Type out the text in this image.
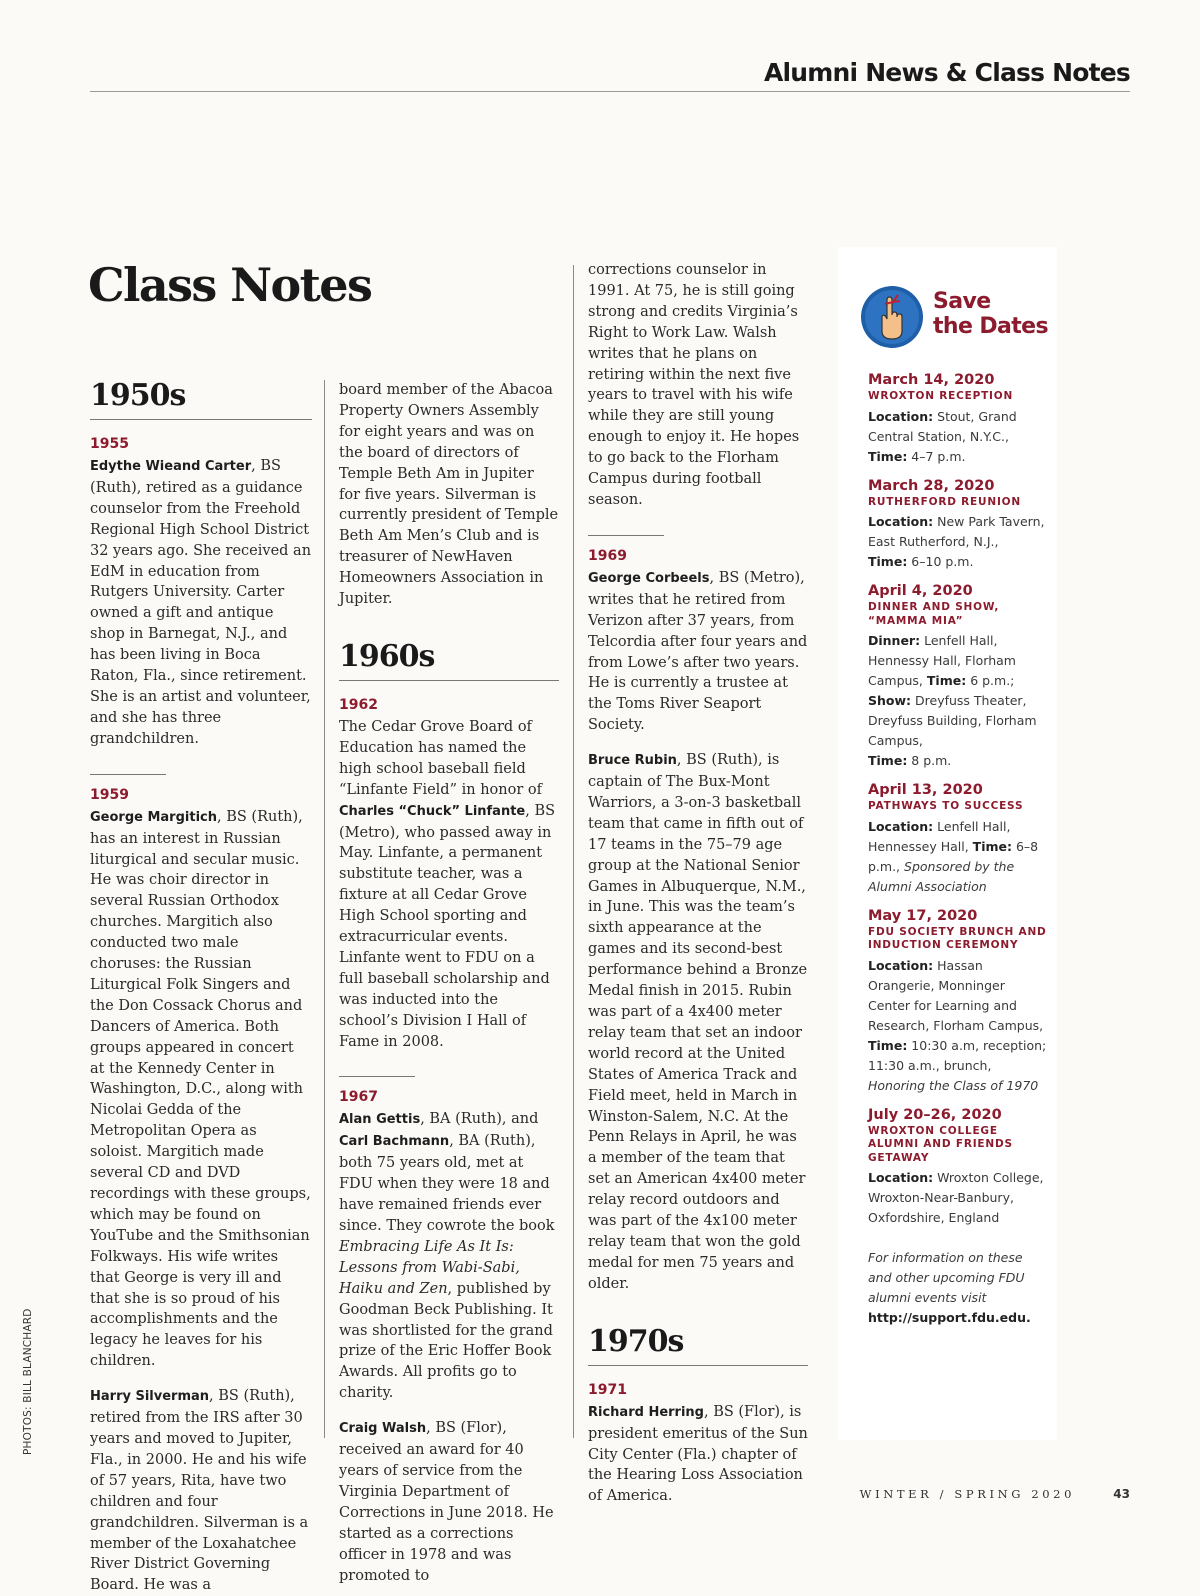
Alumni News & Class Notes
Class Notes
1950s
1955

Edythe Wieand Carter, BS (Ruth), retired as a guidance counselor from the Freehold Regional High School District 32 years ago. She received an EdM in education from Rutgers University. Carter owned a gift and antique shop in Barnegat, N.J., and has been living in Boca Raton, Fla., since retirement. She is an artist and volunteer, and she has three grandchildren.

1959

George Margitich, BS (Ruth), has an interest in Russian liturgical and secular music. He was choir director in several Russian Orthodox churches. Margitich also conducted two male choruses: the Russian Liturgical Folk Singers and the Don Cossack Chorus and Dancers of America. Both groups appeared in concert at the Kennedy Center in Washington, D.C., along with Nicolai Gedda of the Metropolitan Opera as soloist. Margitich made several CD and DVD recordings with these groups, which may be found on YouTube and the Smithsonian Folkways. His wife writes that George is very ill and that she is so proud of his accomplishments and the legacy he leaves for his children.

Harry Silverman, BS (Ruth), retired from the IRS after 30 years and moved to Jupiter, Fla., in 2000. He and his wife of 57 years, Rita, have two children and four grandchildren. Silverman is a member of the Loxahatchee River District Governing Board. He was a

board member of the Abacoa Property Owners Assembly for eight years and was on the board of directors of Temple Beth Am in Jupiter for five years. Silverman is currently president of Temple Beth Am Men’s Club and is treasurer of NewHaven Homeowners Association in Jupiter.

1960s
1962

The Cedar Grove Board of Education has named the high school baseball field “Linfante Field” in honor of Charles “Chuck” Linfante, BS (Metro), who passed away in May. Linfante, a permanent substitute teacher, was a fixture at all Cedar Grove High School sporting and extracurricular events. Linfante went to FDU on a full baseball scholarship and was inducted into the school’s Division I Hall of Fame in 2008.

1967

Alan Gettis, BA (Ruth), and Carl Bachmann, BA (Ruth), both 75 years old, met at FDU when they were 18 and have remained friends ever since. They cowrote the book Embracing Life As It Is: Lessons from Wabi-Sabi, Haiku and Zen, published by Goodman Beck Publishing. It was shortlisted for the grand prize of the Eric Hoffer Book Awards. All profits go to charity.

Craig Walsh, BS (Flor), received an award for 40 years of service from the Virginia Department of Corrections in June 2018. He started as a corrections officer in 1978 and was promoted to

corrections counselor in 1991. At 75, he is still going strong and credits Virginia’s Right to Work Law. Walsh writes that he plans on retiring within the next five years to travel with his wife while they are still young enough to enjoy it. He hopes to go back to the Florham Campus during football season.

1969

George Corbeels, BS (Metro), writes that he retired from Verizon after 37 years, from Telcordia after four years and from Lowe’s after two years. He is currently a trustee at the Toms River Seaport Society.

Bruce Rubin, BS (Ruth), is captain of The Bux-Mont Warriors, a 3-on-3 basketball team that came in fifth out of 17 teams in the 75–79 age group at the National Senior Games in Albuquerque, N.M., in June. This was the team’s sixth appearance at the games and its second-best performance behind a Bronze Medal finish in 2015. Rubin was part of a 4x400 meter relay team that set an indoor world record at the United States of America Track and Field meet, held in March in Winston-Salem, N.C. At the Penn Relays in April, he was a member of the team that set an American 4x400 meter relay record outdoors and was part of the 4x100 meter relay team that won the gold medal for men 75 years and older.

1970s
1971

Richard Herring, BS (Flor), is president emeritus of the Sun City Center (Fla.) chapter of the Hearing Loss Association of America.

Save
the Dates
March 14, 2020
WROXTON RECEPTION
Location: Stout, Grand Central Station, N.Y.C.,
Time: 4–7 p.m.
March 28, 2020
RUTHERFORD REUNION
Location: New Park Tavern, East Rutherford, N.J.,
Time: 6–10 p.m.
April 4, 2020
DINNER AND SHOW, “MAMMA MIA”
Dinner: Lenfell Hall, Hennessy Hall, Florham Campus, Time: 6 p.m.;
Show: Dreyfuss Theater, Dreyfuss Building, Florham Campus,
Time: 8 p.m.
April 13, 2020
PATHWAYS TO SUCCESS
Location: Lenfell Hall, Hennessey Hall, Time: 6–8 p.m., Sponsored by the Alumni Association
May 17, 2020
FDU SOCIETY BRUNCH AND INDUCTION CEREMONY
Location: Hassan Orangerie, Monninger Center for Learning and Research, Florham Campus, Time: 10:30 a.m, reception; 11:30 a.m., brunch, Honoring the Class of 1970
July 20–26, 2020
WROXTON COLLEGE ALUMNI AND FRIENDS GETAWAY
Location: Wroxton College, Wroxton-Near-Banbury, Oxfordshire, England
For information on these and other upcoming FDU alumni events visit http://support.fdu.edu.
WINTER / SPRING 2020	43
PHOTOS: BILL BLANCHARD
